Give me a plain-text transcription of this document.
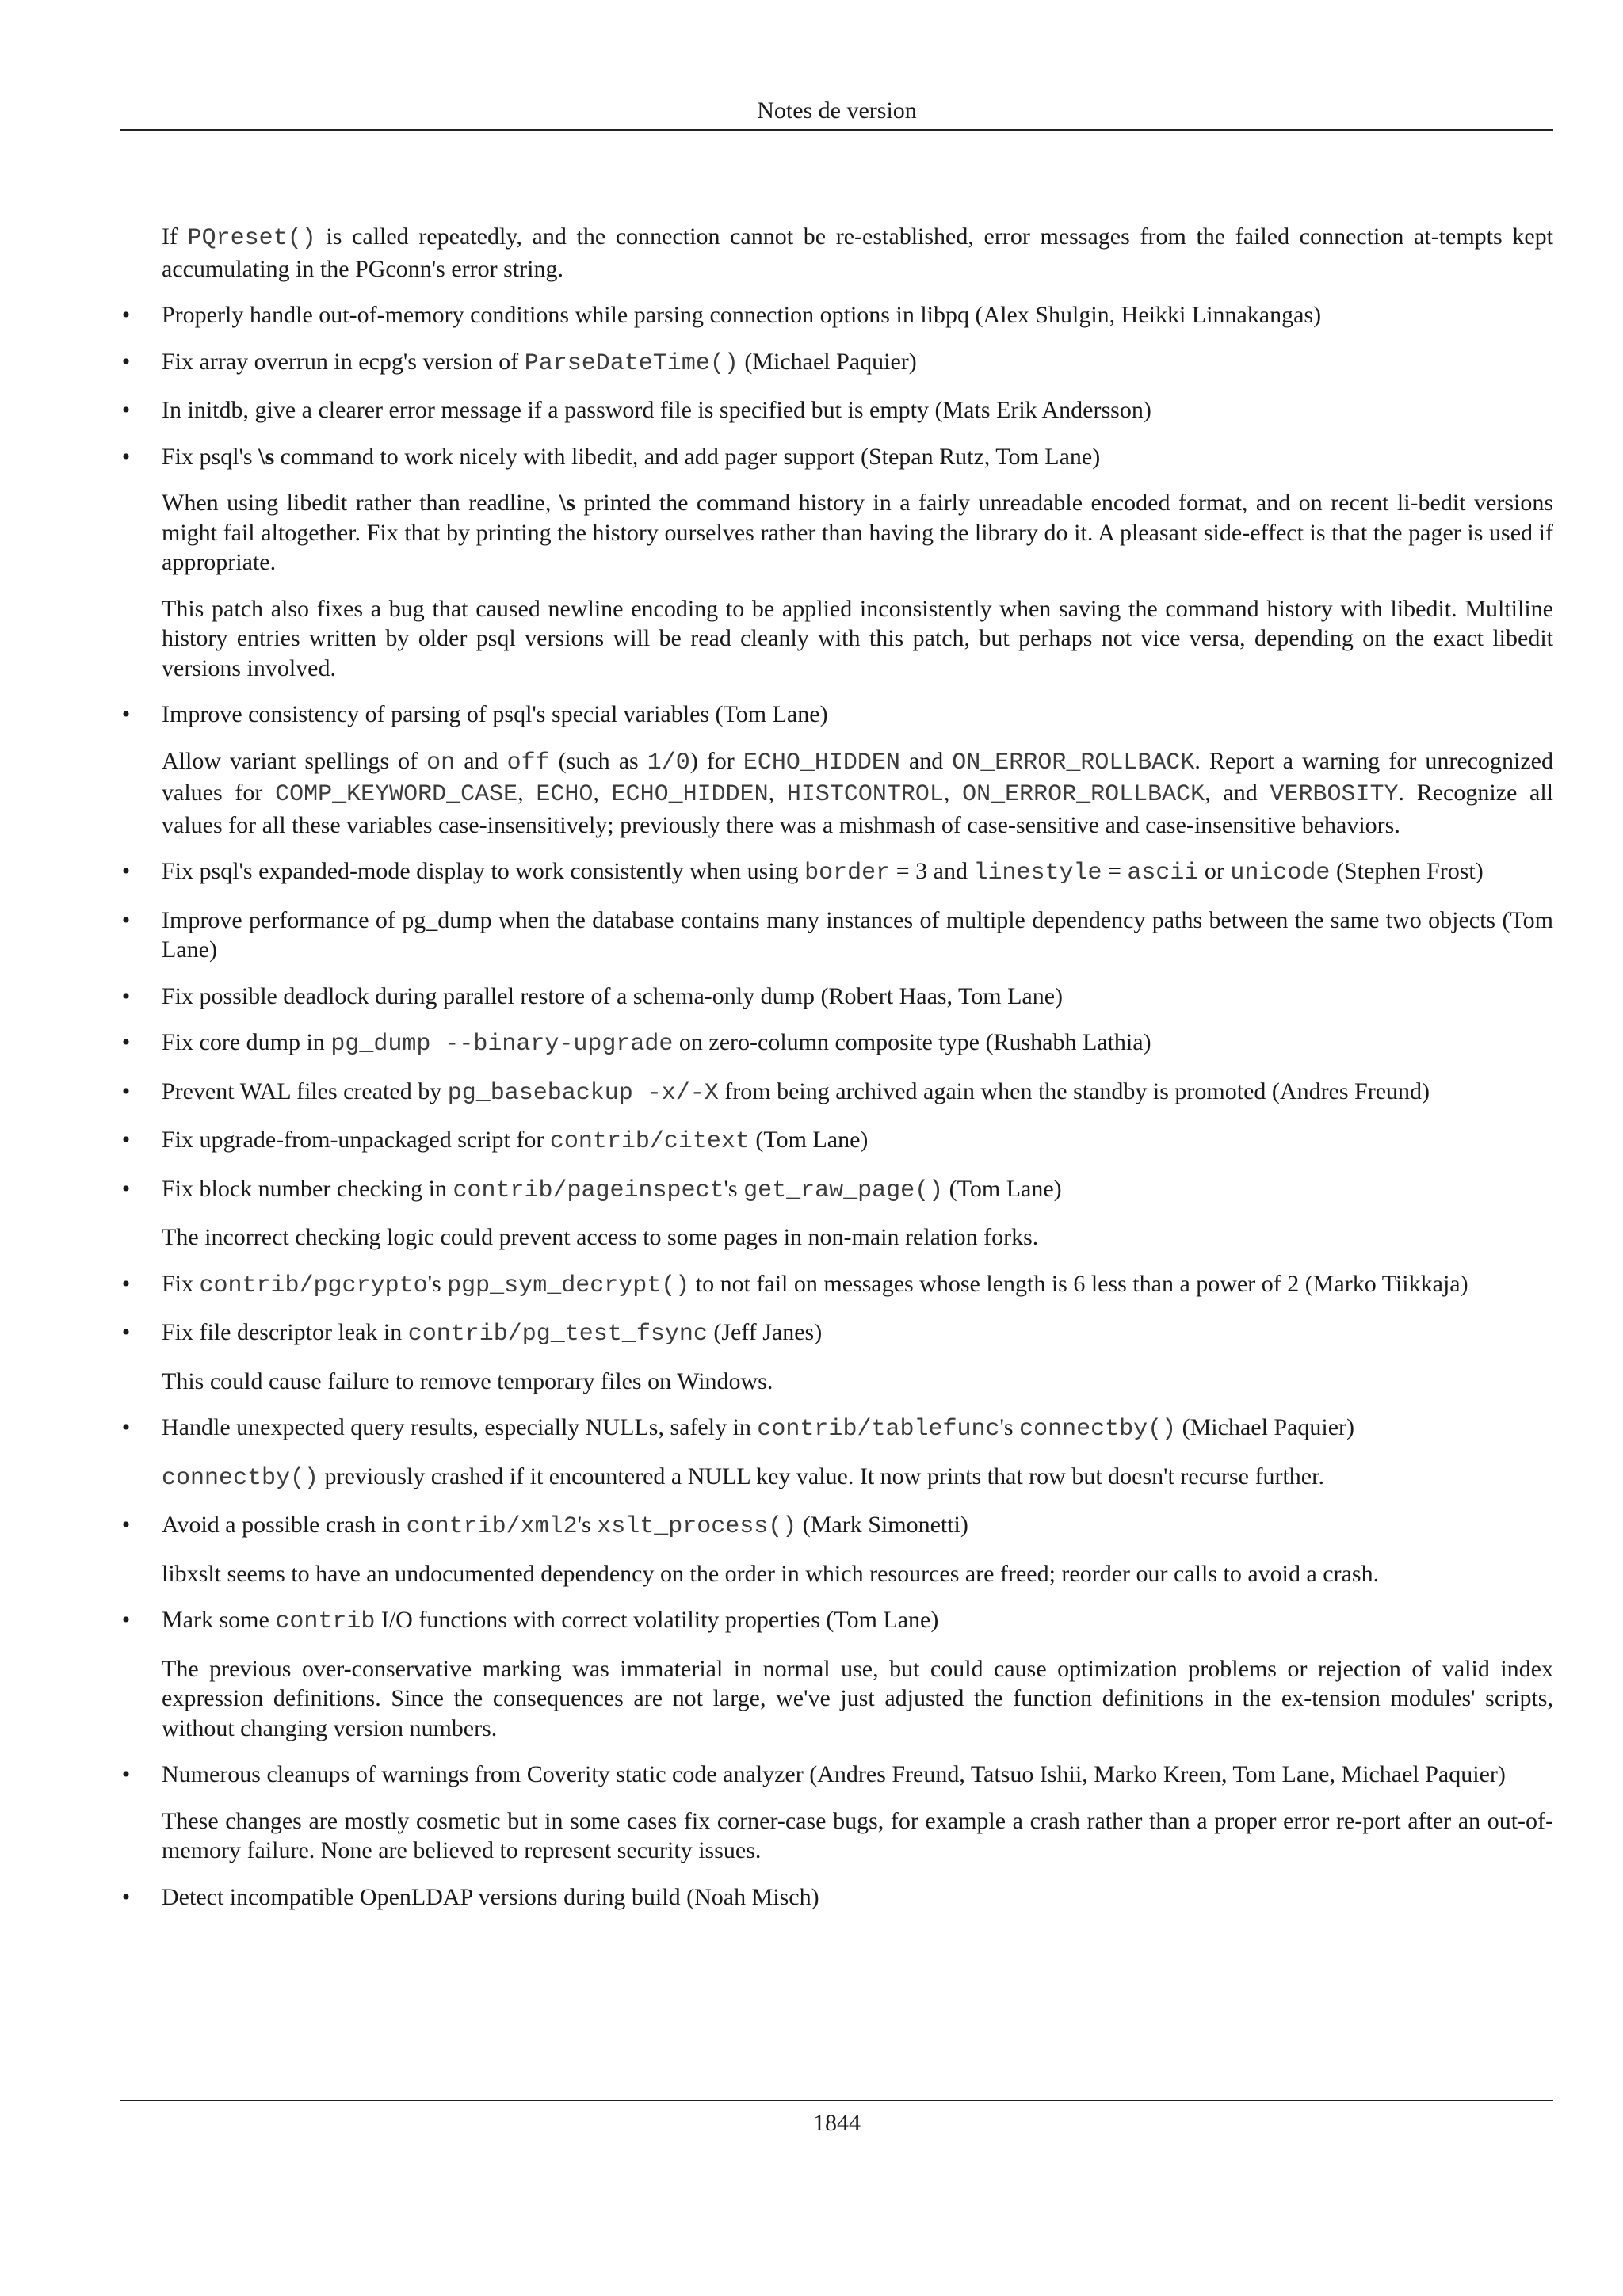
Notes de version
If PQreset() is called repeatedly, and the connection cannot be re-established, error messages from the failed connection at-tempts kept accumulating in the PGconn's error string.
• Properly handle out-of-memory conditions while parsing connection options in libpq (Alex Shulgin, Heikki Linnakangas)
• Fix array overrun in ecpg's version of ParseDateTime() (Michael Paquier)
• In initdb, give a clearer error message if a password file is specified but is empty (Mats Erik Andersson)
• Fix psql's \s command to work nicely with libedit, and add pager support (Stepan Rutz, Tom Lane)
When using libedit rather than readline, \s printed the command history in a fairly unreadable encoded format, and on recent li-bedit versions might fail altogether. Fix that by printing the history ourselves rather than having the library do it. A pleasant side-effect is that the pager is used if appropriate.
This patch also fixes a bug that caused newline encoding to be applied inconsistently when saving the command history with libedit. Multiline history entries written by older psql versions will be read cleanly with this patch, but perhaps not vice versa, depending on the exact libedit versions involved.
• Improve consistency of parsing of psql's special variables (Tom Lane)
Allow variant spellings of on and off (such as 1/0) for ECHO_HIDDEN and ON_ERROR_ROLLBACK. Report a warning for unrecognized values for COMP_KEYWORD_CASE, ECHO, ECHO_HIDDEN, HISTCONTROL, ON_ERROR_ROLLBACK, and VERBOSITY. Recognize all values for all these variables case-insensitively; previously there was a mishmash of case-sensitive and case-insensitive behaviors.
• Fix psql's expanded-mode display to work consistently when using border = 3 and linestyle = ascii or unicode (Stephen Frost)
• Improve performance of pg_dump when the database contains many instances of multiple dependency paths between the same two objects (Tom Lane)
• Fix possible deadlock during parallel restore of a schema-only dump (Robert Haas, Tom Lane)
• Fix core dump in pg_dump --binary-upgrade on zero-column composite type (Rushabh Lathia)
• Prevent WAL files created by pg_basebackup -x/-X from being archived again when the standby is promoted (Andres Freund)
• Fix upgrade-from-unpackaged script for contrib/citext (Tom Lane)
• Fix block number checking in contrib/pageinspect's get_raw_page() (Tom Lane)
The incorrect checking logic could prevent access to some pages in non-main relation forks.
• Fix contrib/pgcrypto's pgp_sym_decrypt() to not fail on messages whose length is 6 less than a power of 2 (Marko Tiikkaja)
• Fix file descriptor leak in contrib/pg_test_fsync (Jeff Janes)
This could cause failure to remove temporary files on Windows.
• Handle unexpected query results, especially NULLs, safely in contrib/tablefunc's connectby() (Michael Paquier)
connectby() previously crashed if it encountered a NULL key value. It now prints that row but doesn't recurse further.
• Avoid a possible crash in contrib/xml2's xslt_process() (Mark Simonetti)
libxslt seems to have an undocumented dependency on the order in which resources are freed; reorder our calls to avoid a crash.
• Mark some contrib I/O functions with correct volatility properties (Tom Lane)
The previous over-conservative marking was immaterial in normal use, but could cause optimization problems or rejection of valid index expression definitions. Since the consequences are not large, we've just adjusted the function definitions in the ex-tension modules' scripts, without changing version numbers.
• Numerous cleanups of warnings from Coverity static code analyzer (Andres Freund, Tatsuo Ishii, Marko Kreen, Tom Lane, Michael Paquier)
These changes are mostly cosmetic but in some cases fix corner-case bugs, for example a crash rather than a proper error re-port after an out-of-memory failure. None are believed to represent security issues.
• Detect incompatible OpenLDAP versions during build (Noah Misch)
1844
